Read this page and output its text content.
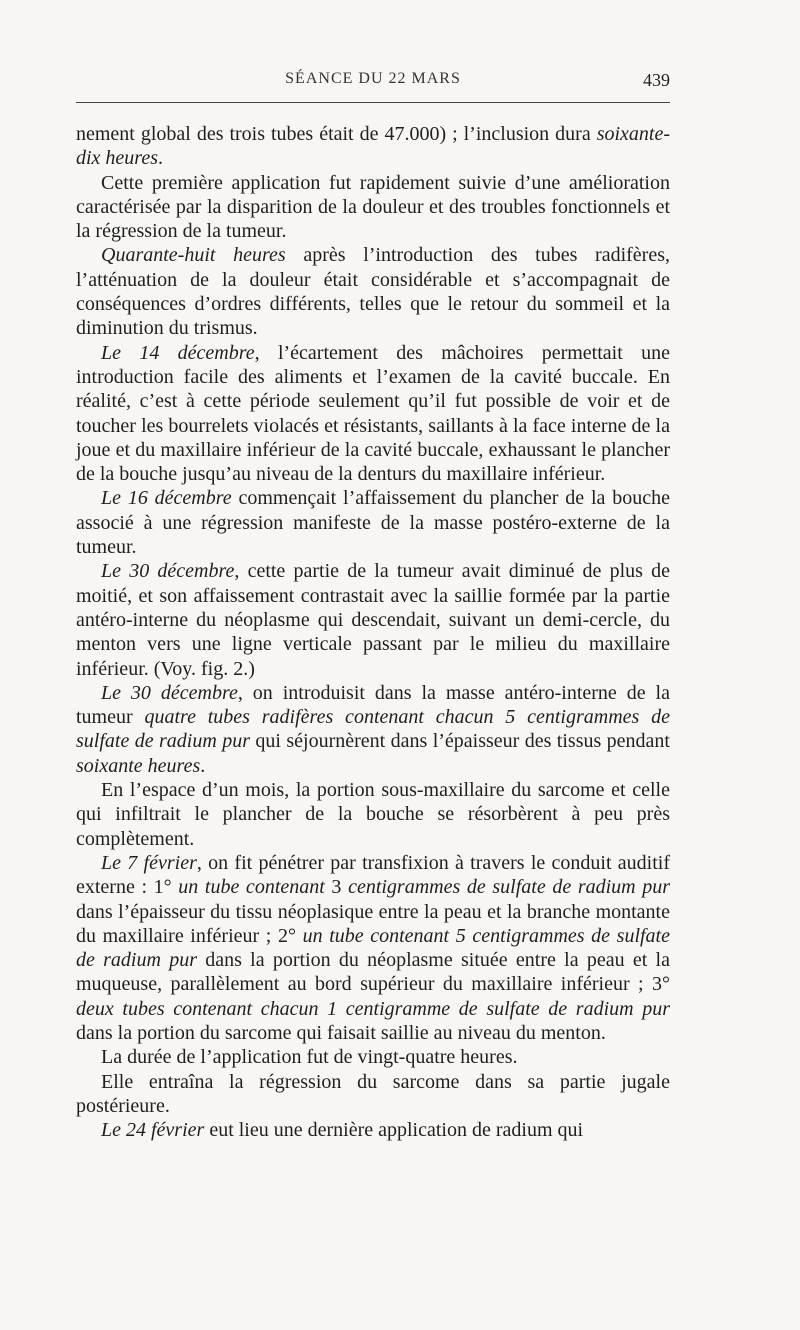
SÉANCE DU 22 MARS	439

nement global des trois tubes était de 47.000) ; l’inclusion dura soixante-dix heures.

Cette première application fut rapidement suivie d’une amélioration caractérisée par la disparition de la douleur et des troubles fonctionnels et la régression de la tumeur.

Quarante-huit heures après l’introduction des tubes radifères, l’atténuation de la douleur était considérable et s’accompagnait de conséquences d’ordres différents, telles que le retour du sommeil et la diminution du trismus.

Le 14 décembre, l’écartement des mâchoires permettait une introduction facile des aliments et l’examen de la cavité buccale. En réalité, c’est à cette période seulement qu’il fut possible de voir et de toucher les bourrelets violacés et résistants, saillants à la face interne de la joue et du maxillaire inférieur de la cavité buccale, exhaussant le plancher de la bouche jusqu’au niveau de la denturs du maxillaire inférieur.

Le 16 décembre commençait l’affaissement du plancher de la bouche associé à une régression manifeste de la masse postéro-externe de la tumeur.

Le 30 décembre, cette partie de la tumeur avait diminué de plus de moitié, et son affaissement contrastait avec la saillie formée par la partie antéro-interne du néoplasme qui descendait, suivant un demi-cercle, du menton vers une ligne verticale passant par le milieu du maxillaire inférieur. (Voy. fig. 2.)

Le 30 décembre, on introduisit dans la masse antéro-interne de la tumeur quatre tubes radifères contenant chacun 5 centigrammes de sulfate de radium pur qui séjournèrent dans l’épaisseur des tissus pendant soixante heures.

En l’espace d’un mois, la portion sous-maxillaire du sarcome et celle qui infiltrait le plancher de la bouche se résorbèrent à peu près complètement.

Le 7 février, on fit pénétrer par transfixion à travers le conduit auditif externe : 1° un tube contenant 3 centigrammes de sulfate de radium pur dans l’épaisseur du tissu néoplasique entre la peau et la branche montante du maxillaire inférieur ; 2° un tube contenant 5 centigrammes de sulfate de radium pur dans la portion du néoplasme située entre la peau et la muqueuse, parallèlement au bord supérieur du maxillaire inférieur ; 3° deux tubes contenant chacun 1 centigramme de sulfate de radium pur dans la portion du sarcome qui faisait saillie au niveau du menton.

La durée de l’application fut de vingt-quatre heures.

Elle entraîna la régression du sarcome dans sa partie jugale postérieure.

Le 24 février eut lieu une dernière application de radium qui
